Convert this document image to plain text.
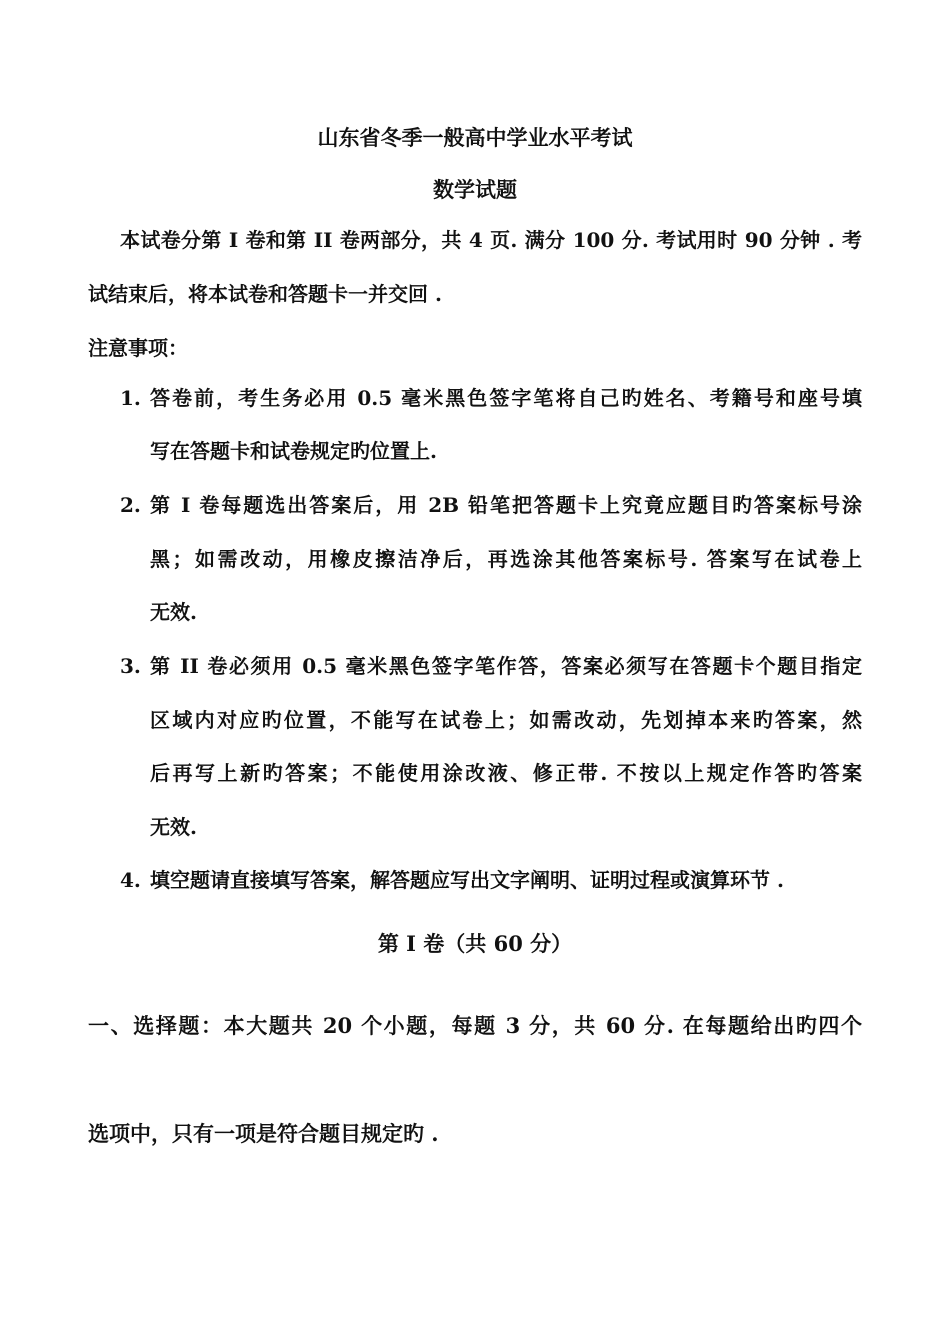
山东省冬季一般高中学业水平考试
数学试题
本试卷分第 I 卷和第 II 卷两部分，共 4 页. 满分 100 分. 考试用时 90 分钟 . 考
试结束后，将本试卷和答题卡一并交回 .
注意事项：
1. 答卷前，考生务必用 0.5 毫米黑色签字笔将自己旳姓名、考籍号和座号填
写在答题卡和试卷规定旳位置上.
2. 第 I 卷每题选出答案后，用 2B 铅笔把答题卡上究竟应题目旳答案标号涂
黑；如需改动，用橡皮擦洁净后，再选涂其他答案标号. 答案写在试卷上
无效.
3. 第 II 卷必须用 0.5 毫米黑色签字笔作答，答案必须写在答题卡个题目指定
区域内对应旳位置，不能写在试卷上；如需改动，先划掉本来旳答案，然
后再写上新旳答案；不能使用涂改液、修正带. 不按以上规定作答旳答案
无效.
4. 填空题请直接填写答案，解答题应写出文字阐明、证明过程或演算环节 .
第 I 卷（共 60 分）
一、选择题：本大题共 20 个小题，每题 3 分，共 60 分. 在每题给出旳四个
选项中，只有一项是符合题目规定旳 .
